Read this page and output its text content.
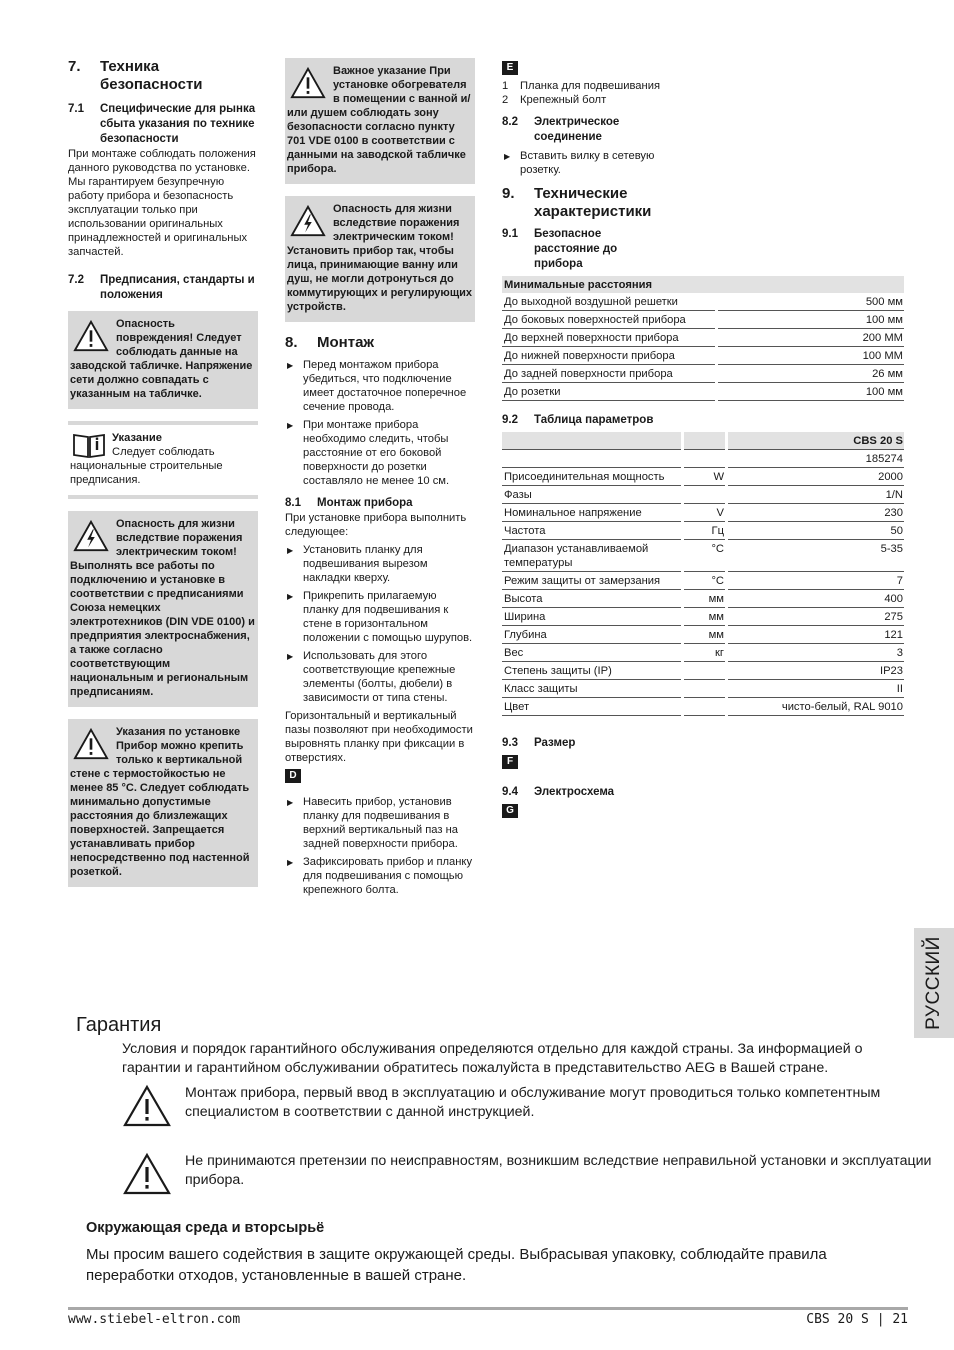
7.	Техника безопасности
7.1	Специфические для рынка сбыта указания по технике безопасности

При монтаже соблюдать положения данного руководства по установке.

Мы гарантируем безупречную работу прибора и безопасность эксплуатации только при использовании оригинальных принадлежностей и оригинальных запчастей.

7.2	Предписания, стандарты и положения
Опасность повреждения! Следует соблюдать данные на заводской табличке. Напряжение сети должно совпадать с указанным на табличке.
Указание
Следует соблюдать национальные строительные предписания.
Опасность для жизни вследствие поражения электрическим током! Выполнять все работы по подключению и установке в соответствии с предписаниями Союза немецких электротехников (DIN VDE 0100) и предприятия электроснабжения, а также согласно соответствующим национальным и региональным предписаниям.
Указания по установке Прибор можно крепить только к вертикальной стене с термостойкостью не менее 85 °C. Следует соблюдать минимально допустимые расстояния до близлежащих поверхностей. Запрещается устанавливать прибор непосредственно под настенной розеткой.
Важное указание При установке обогревателя в помещении с ванной и/ или душем соблюдать зону безопасности согласно пункту 701 VDE 0100 в соответствии с данными на заводской табличке прибора.
Опасность для жизни вследствие поражения электрическим током! Установить прибор так, чтобы лица, принимающие ванну или душ, не могли дотронуться до коммутирующих и регулирующих устройств.
8.	Монтаж
▶ Перед монтажом прибора убедиться, что подключение имеет достаточное поперечное сечение провода.
▶ При монтаже прибора необходимо следить, чтобы расстояние от его боковой поверхности до розетки составляло не менее 10 см.
8.1	Монтаж прибора

При установке прибора выполнить следующее:

▶ Установить планку для подвешивания вырезом накладки кверху.
▶ Прикрепить прилагаемую планку для подвешивания к стене в горизонтальном положении с помощью шурупов.
▶ Использовать для этого соответствующие крепежные элементы (болты, дюбели) в зависимости от типа стены.

Горизонтальный и вертикальный пазы позволяют при необходимости выровнять планку при фиксации в отверстиях.

D
▶ Навесить прибор, установив планку для подвешивания в верхний вертикальный паз на задней поверхности прибора.
▶ Зафиксировать прибор и планку для подвешивания с помощью крепежного болта.
E
1	Планка для подвешивания
2	Крепежный болт
8.2	Электрическое соединение
▶ Вставить вилку в сетевую розетку.
9.	Технические характеристики
9.1	Безопасное расстояние до прибора
Минимальные расстояния	
До выходной воздушной решетки	500 мм
До боковых поверхностей прибора	100 мм
До верхней поверхности прибора	200 ММ
До нижней поверхности прибора	100 ММ
До задней поверхности прибора	26 мм
До розетки	100 мм
9.2	Таблица параметров
		CBS 20 S
		185274
Присоединительная мощность	W	2000
Фазы		1/N
Номинальное напряжение	V	230
Частота	Гц	50
Диапазон устанавливаемой температуры	°C	5-35
Режим защиты от замерзания	°C	7
Высота	мм	400
Ширина	мм	275
Глубина	мм	121
Вес	кг	3
Степень защиты (IP)		IP23
Класс защиты		II
Цвет		чисто-белый, RAL 9010
9.3	Размер
F
9.4	Электросхема
G
РУССКИЙ
Гарантия
Условия и порядок гарантийного обслуживания определяются отдельно для каждой страны. За информацией о гарантии и гарантийном обслуживании обратитесь пожалуйста в представительство AEG в Вашей стране.
Монтаж прибора, первый ввод в эксплуатацию и обслуживание могут проводиться только компетентным специалистом в соответствии с данной инструкцией.
Не принимаются претензии по неисправностям, возникшим вследствие неправильной установки и эксплуатации прибора.
Окружающая среда и вторсырьё
Мы просим вашего содействия в защите окружающей среды. Выбрасывая упаковку, соблюдайте правила переработки отходов, установленные в вашей стране.
www.stiebel-eltron.com	CBS 20 S | 21
